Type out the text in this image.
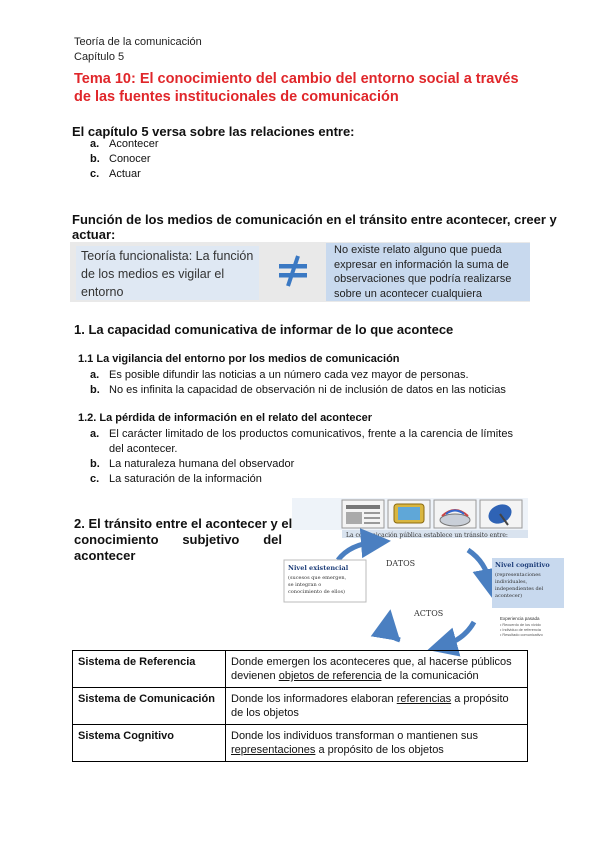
Teoría de la comunicación
Capítulo 5
Tema 10: El conocimiento del cambio del entorno social a través de las fuentes institucionales de comunicación
El capítulo 5 versa sobre las relaciones entre:
a. Acontecer
b. Conocer
c. Actuar
Función de los medios de comunicación en el tránsito entre acontecer, creer y
actuar:
Teoría funcionalista: La función de los medios es vigilar el entorno
No existe relato alguno que pueda expresar en información la suma de observaciones que podría realizarse sobre un acontecer cualquiera
1. La capacidad comunicativa de informar de lo que acontece
1.1 La vigilancia del entorno por los medios de comunicación
a. Es posible difundir las noticias a un número cada vez mayor de personas.
b. No es infinita la capacidad de observación ni de inclusión de datos en las noticias
1.2. La pérdida de información en el relato del acontecer
a. El carácter limitado de los productos comunicativos, frente a la carencia de límites
del acontecer.
b. La naturaleza humana del observador
c. La saturación de la información
2. El tránsito entre el acontecer y el
conocimiento subjetivo del
acontecer
La comunicación pública establece un tránsito entre:
DATOS
ACTOS
Nivel existencial
(sucesos que emergen,
se integran o
conocimiento de ellos)
Nivel cognitivo
(representaciones
individuales,
independientes del
acontecer)
Experiencia pasada
• Recuerdo de los vivido
• Individuo de referencia
• Resultado comunicativo
Sistema de Referencia	Donde emergen los aconteceres que, al hacerse públicos devienen objetos de referencia de la comunicación
Sistema de Comunicación	Donde los informadores elaboran referencias a propósito de los objetos
Sistema Cognitivo	Donde los individuos transforman o mantienen sus representaciones a propósito de los objetos
